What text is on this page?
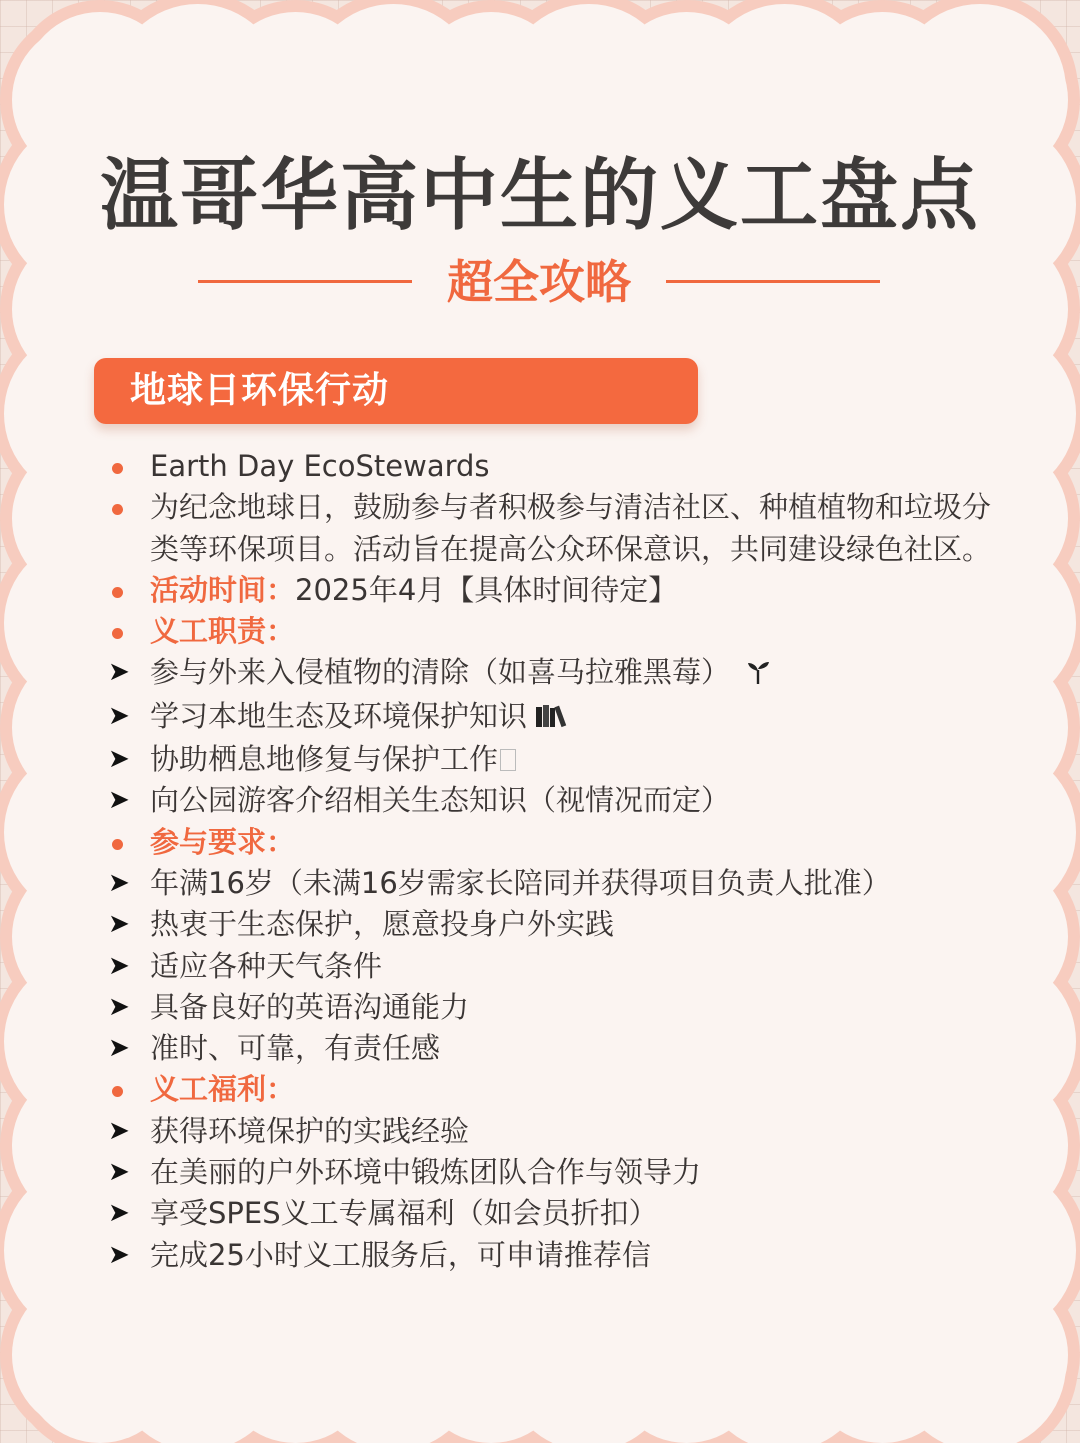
温哥华高中生的义工盘点
超全攻略
地球日环保行动
Earth Day EcoStewards
为纪念地球日，鼓励参与者积极参与清洁社区、种植植物和垃圾分类等环保项目。活动旨在提高公众环保意识，共同建设绿色社区。
活动时间：2025年4月【具体时间待定】
义工职责：
➤ 参与外来入侵植物的清除（如喜马拉雅黑莓）
➤ 学习本地生态及环境保护知识
➤ 协助栖息地修复与保护工作
➤ 向公园游客介绍相关生态知识（视情况而定）
参与要求：
➤ 年满16岁（未满16岁需家长陪同并获得项目负责人批准）
➤ 热衷于生态保护，愿意投身户外实践
➤ 适应各种天气条件
➤ 具备良好的英语沟通能力
➤ 准时、可靠，有责任感
义工福利：
➤ 获得环境保护的实践经验
➤ 在美丽的户外环境中锻炼团队合作与领导力
➤ 享受SPES义工专属福利（如会员折扣）
➤ 完成25小时义工服务后，可申请推荐信
